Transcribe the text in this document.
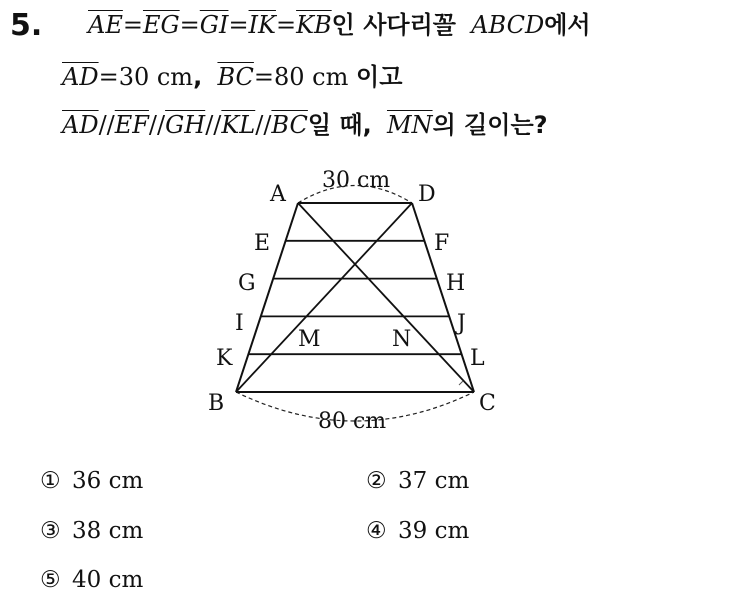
5. $\overline{AE}=\overline{EG}=\overline{GI}=\overline{IK}=\overline{KB}$인 사다리꼴 ABCD에서
$\overline{AD}=30$ cm, $\overline{BC}=80$ cm 이고
$\overline{AD}//\overline{EF}//\overline{GH}//\overline{KL}//\overline{BC}$일 때, $\overline{MN}$의 길이는?
30 cm
80 cm
A	D
E	F
G	H
I	J
K	L
M	N
B	C
① 36 cm	② 37 cm
③ 38 cm	④ 39 cm
⑤ 40 cm
